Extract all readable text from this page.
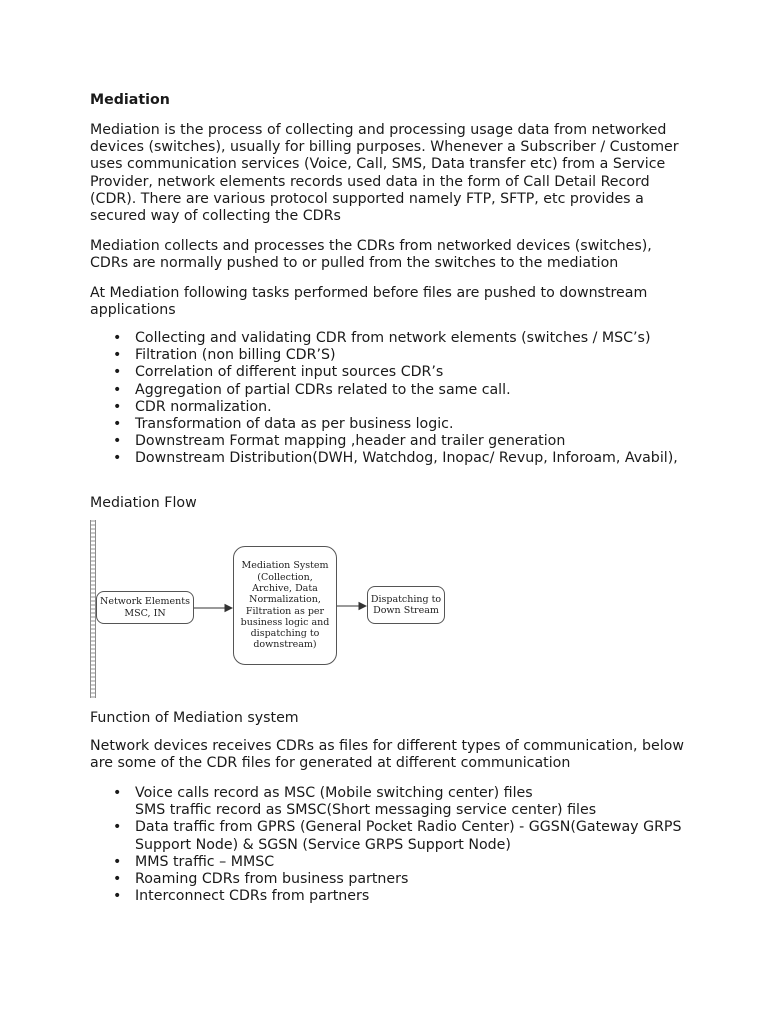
Mediation

Mediation is the process of collecting and processing usage data from networked
devices (switches), usually for billing purposes. Whenever a Subscriber / Customer
uses communication services (Voice, Call, SMS, Data transfer etc) from a Service
Provider, network elements records used data in the form of Call Detail Record
(CDR). There are various protocol supported namely FTP, SFTP, etc provides a
secured way of collecting the CDRs

Mediation collects and processes the CDRs from networked devices (switches),
CDRs are normally pushed to or pulled from the switches to the mediation

At Mediation following tasks performed before files are pushed to downstream
applications

• Collecting and validating CDR from network elements (switches / MSC’s)
• Filtration (non billing CDR’S)
• Correlation of different input sources CDR’s
• Aggregation of partial CDRs related to the same call.
• CDR normalization.
• Transformation of data as per business logic.
• Downstream Format mapping ,header and trailer generation
• Downstream Distribution(DWH, Watchdog, Inopac/ Revup, Inforoam, Avabil),

Mediation Flow

Network Elements
MSC, IN
Mediation System
(Collection,
Archive, Data
Normalization,
Filtration as per
business logic and
dispatching to
downstream)
Dispatching to
Down Stream

Function of Mediation system

Network devices receives CDRs as files for different types of communication, below
are some of the CDR files for generated at different communication

• Voice calls record as MSC (Mobile switching center) files
SMS traffic record as SMSC(Short messaging service center) files
• Data traffic from GPRS (General Pocket Radio Center) - GGSN(Gateway GRPS
Support Node) & SGSN (Service GRPS Support Node)
• MMS traffic – MMSC
• Roaming CDRs from business partners
• Interconnect CDRs from partners
